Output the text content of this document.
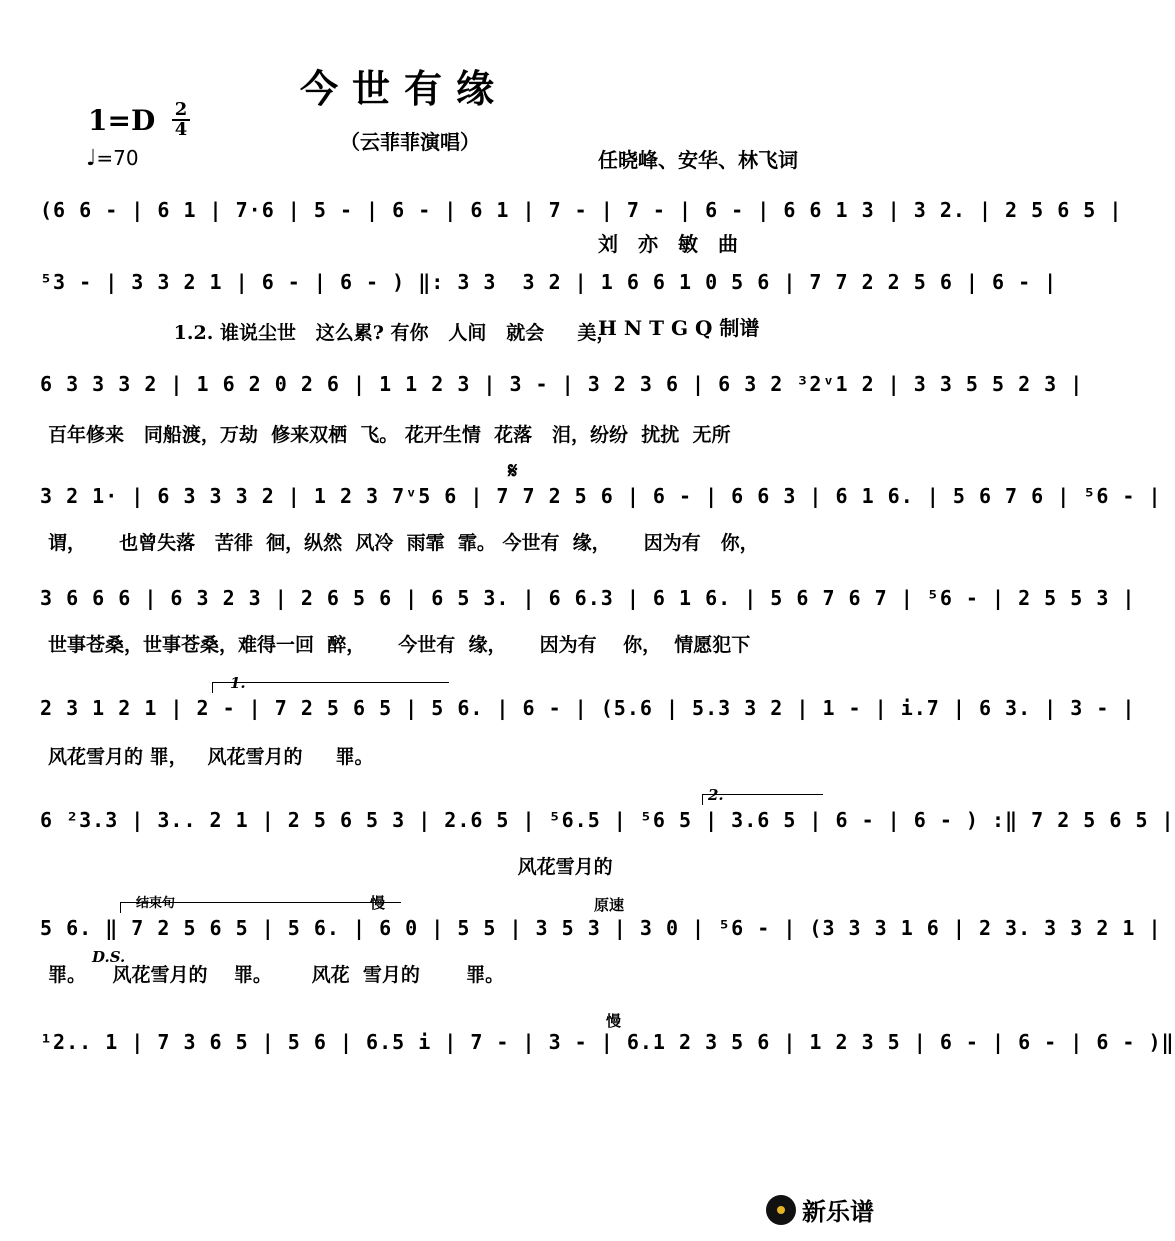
今世有缘
（云菲菲演唱）

任晓峰、安华、林飞词

刘　亦　敏　曲

H N T G Q 制谱

1=D 2
4
♩=70
(6 6 - | 6 1 | 7·6 | 5 - | 6 - | 6 1 | 7 - | 7 - | 6 - | 6 6 1 3 | 3 2. | 2 5 6 5 |
⁵3 - | 3 3 2 1 | 6 - | 6 - ) ‖: 3 3  3 2 | 1 6 6 1 0 5 6 | 7 7 2 2 5 6 | 6 - |
1.2. 谁说尘世   这么累? 有你   人间   就会     美，
6 3 3 3 2 | 1 6 2 0 2 6 | 1 1 2 3 | 3 - | 3 2 3 6 | 6 3 2 ³2ᵛ1 2 | 3 3 5 5 2 3 |
百年修来   同船渡，万劫  修来双栖  飞。 花开生情  花落   泪，纷纷  扰扰  无所
𝄋
3 2 1· | 6 3 3 3 2 | 1 2 3 7ᵛ5 6 | 7 7 2 5 6 | 6 - | 6 6 3 | 6 1 6. | 5 6 7 6 | ⁵6 - |
谓，     也曾失落   苦徘  徊，纵然  风冷  雨霏  霏。 今世有  缘，     因为有   你，
3 6 6 6 | 6 3 2 3 | 2 6 5 6 | 6 5 3. | 6 6.3 | 6 1 6. | 5 6 7 6 7 | ⁵6 - | 2 5 5 3 |
世事苍桑，世事苍桑，难得一回  醉，     今世有  缘，     因为有    你，  情愿犯下
1.
2 3 1 2 1 | 2 - | 7 2 5 6 5 | 5 6. | 6 - | (5.6 | 5.3 3 2 | 1 - | i.7 | 6 3. | 3 - |
风花雪月的 罪，   风花雪月的     罪。
2.
6 ²3.3 | 3.. 2 1 | 2 5 6 5 3 | 2.6 5 | ⁵6.5 | ⁵6 5 | 3.6 5 | 6 - | 6 - ) :‖ 7 2 5 6 5 |
风花雪月的
结束句	慢	原速
D.S.
5 6. ‖ 7 2 5 6 5 | 5 6. | 6 0 | 5 5 | 3 5 3 | 3 0 | ⁵6 - | (3 3 3 1 6 | 2 3. 3 3 2 1 |
罪。    风花雪月的    罪。      风花  雪月的       罪。
慢
¹2.. 1 | 7 3 6 5 | 5 6 | 6.5 i | 7 - | 3 - | 6.1 2 3 5 6 | 1 2 3 5 | 6 - | 6 - | 6 - )‖
新乐谱
